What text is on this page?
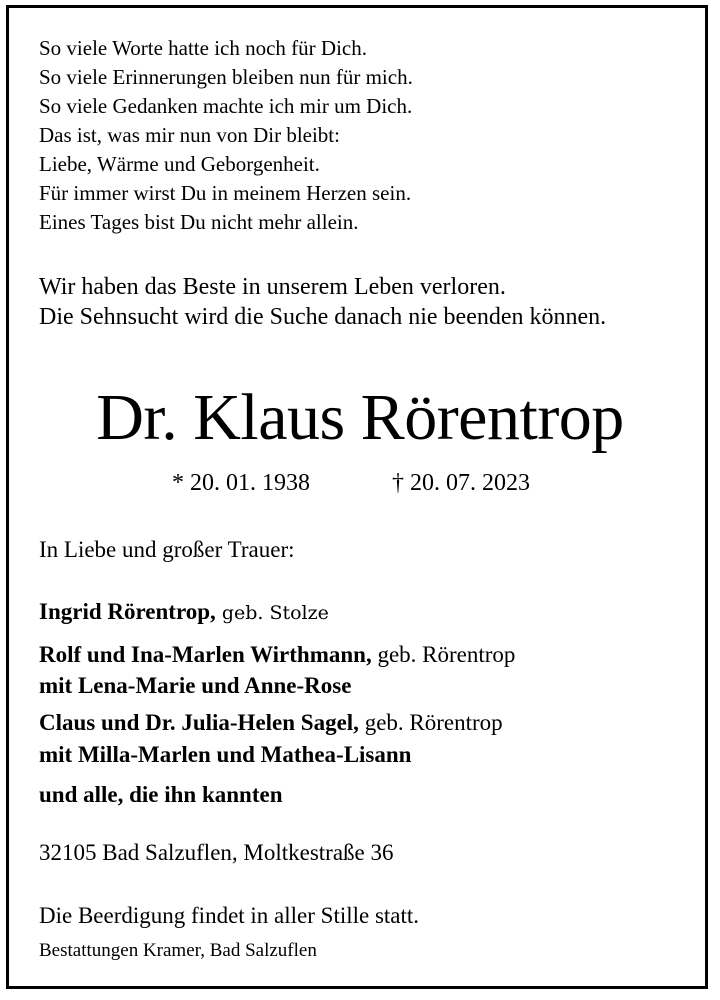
So viele Worte hatte ich noch für Dich.
So viele Erinnerungen bleiben nun für mich.
So viele Gedanken machte ich mir um Dich.
Das ist, was mir nun von Dir bleibt:
Liebe, Wärme und Geborgenheit.
Für immer wirst Du in meinem Herzen sein.
Eines Tages bist Du nicht mehr allein.
Wir haben das Beste in unserem Leben verloren.
Die Sehnsucht wird die Suche danach nie beenden können.
Dr. Klaus Rörentrop
* 20. 01. 1938	† 20. 07. 2023
In Liebe und großer Trauer:
Ingrid Rörentrop, geb. Stolze
Rolf und Ina-Marlen Wirthmann, geb. Rörentrop
mit Lena-Marie und Anne-Rose
Claus und Dr. Julia-Helen Sagel, geb. Rörentrop
mit Milla-Marlen und Mathea-Lisann
und alle, die ihn kannten
32105 Bad Salzuflen, Moltkestraße 36
Die Beerdigung findet in aller Stille statt.
Bestattungen Kramer, Bad Salzuflen
